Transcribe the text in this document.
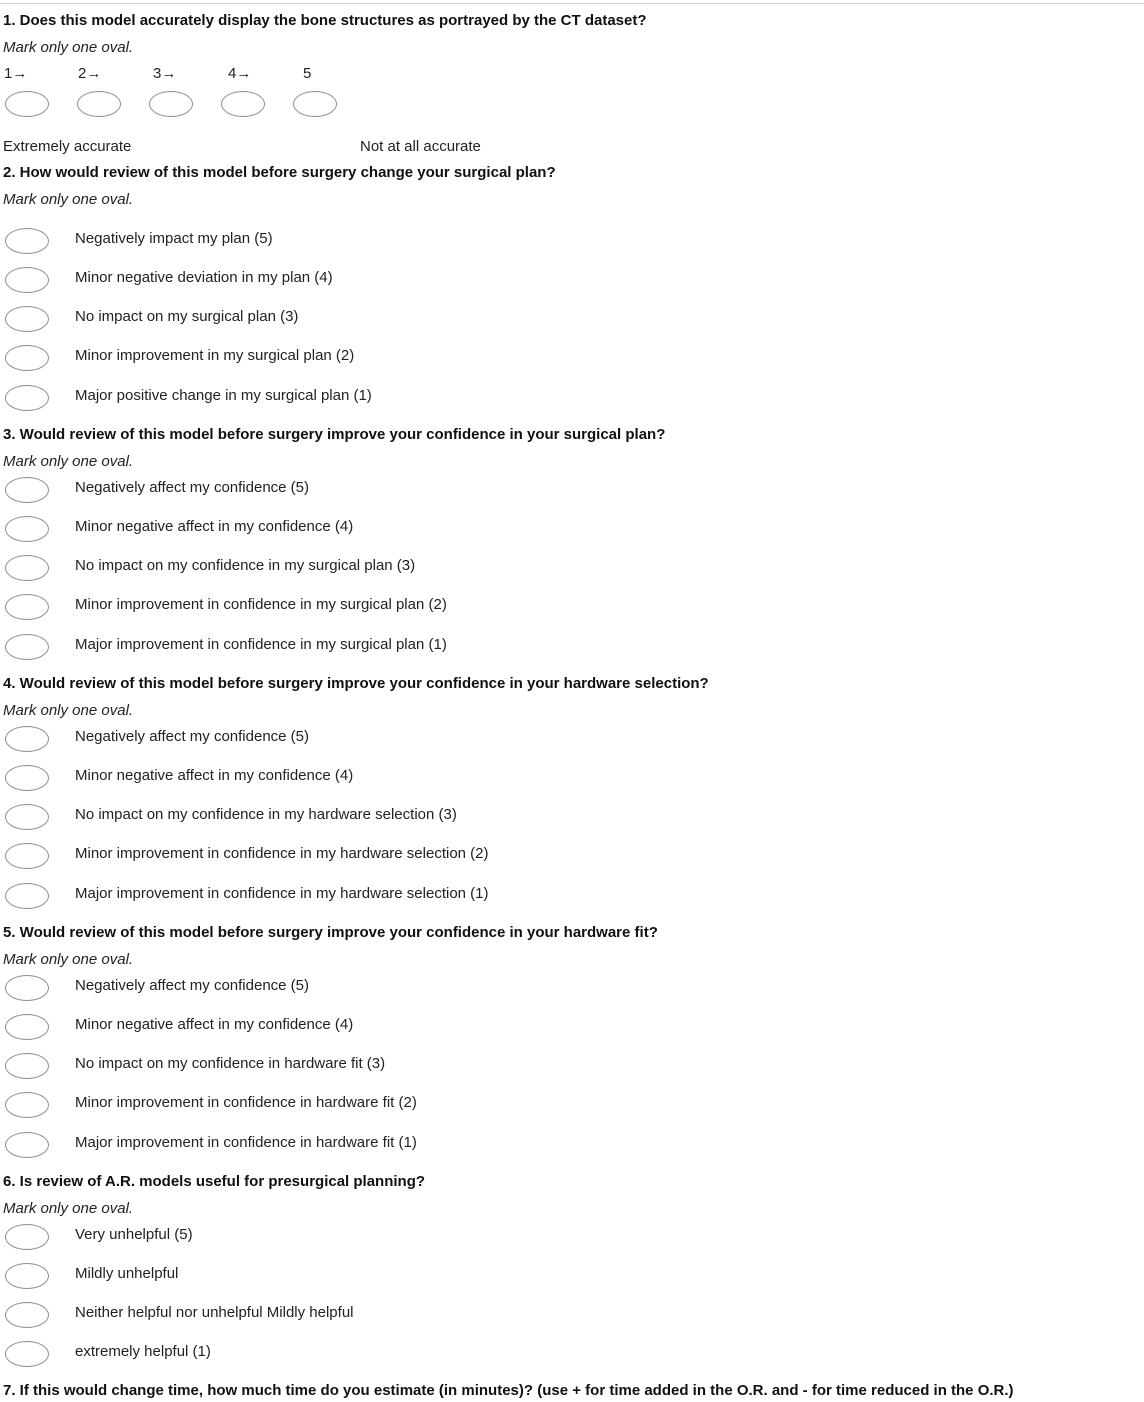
1. Does this model accurately display the bone structures as portrayed by the CT dataset?
Mark only one oval.
1→	2→	3→	4→	5
Extremely accurate	Not at all accurate
2. How would review of this model before surgery change your surgical plan?
Mark only one oval.
Negatively impact my plan (5)
Minor negative deviation in my plan (4)
No impact on my surgical plan (3)
Minor improvement in my surgical plan (2)
Major positive change in my surgical plan (1)
3. Would review of this model before surgery improve your confidence in your surgical plan?
Mark only one oval.
Negatively affect my confidence (5)
Minor negative affect in my confidence (4)
No impact on my confidence in my surgical plan (3)
Minor improvement in confidence in my surgical plan (2)
Major improvement in confidence in my surgical plan (1)
4. Would review of this model before surgery improve your confidence in your hardware selection?
Mark only one oval.
Negatively affect my confidence (5)
Minor negative affect in my confidence (4)
No impact on my confidence in my hardware selection (3)
Minor improvement in confidence in my hardware selection (2)
Major improvement in confidence in my hardware selection (1)
5. Would review of this model before surgery improve your confidence in your hardware fit?
Mark only one oval.
Negatively affect my confidence (5)
Minor negative affect in my confidence (4)
No impact on my confidence in hardware fit (3)
Minor improvement in confidence in hardware fit (2)
Major improvement in confidence in hardware fit (1)
6. Is review of A.R. models useful for presurgical planning?
Mark only one oval.
Very unhelpful (5)
Mildly unhelpful
Neither helpful nor unhelpful Mildly helpful
extremely helpful (1)
7. If this would change time, how much time do you estimate (in minutes)? (use + for time added in the O.R. and - for time reduced in the O.R.)
